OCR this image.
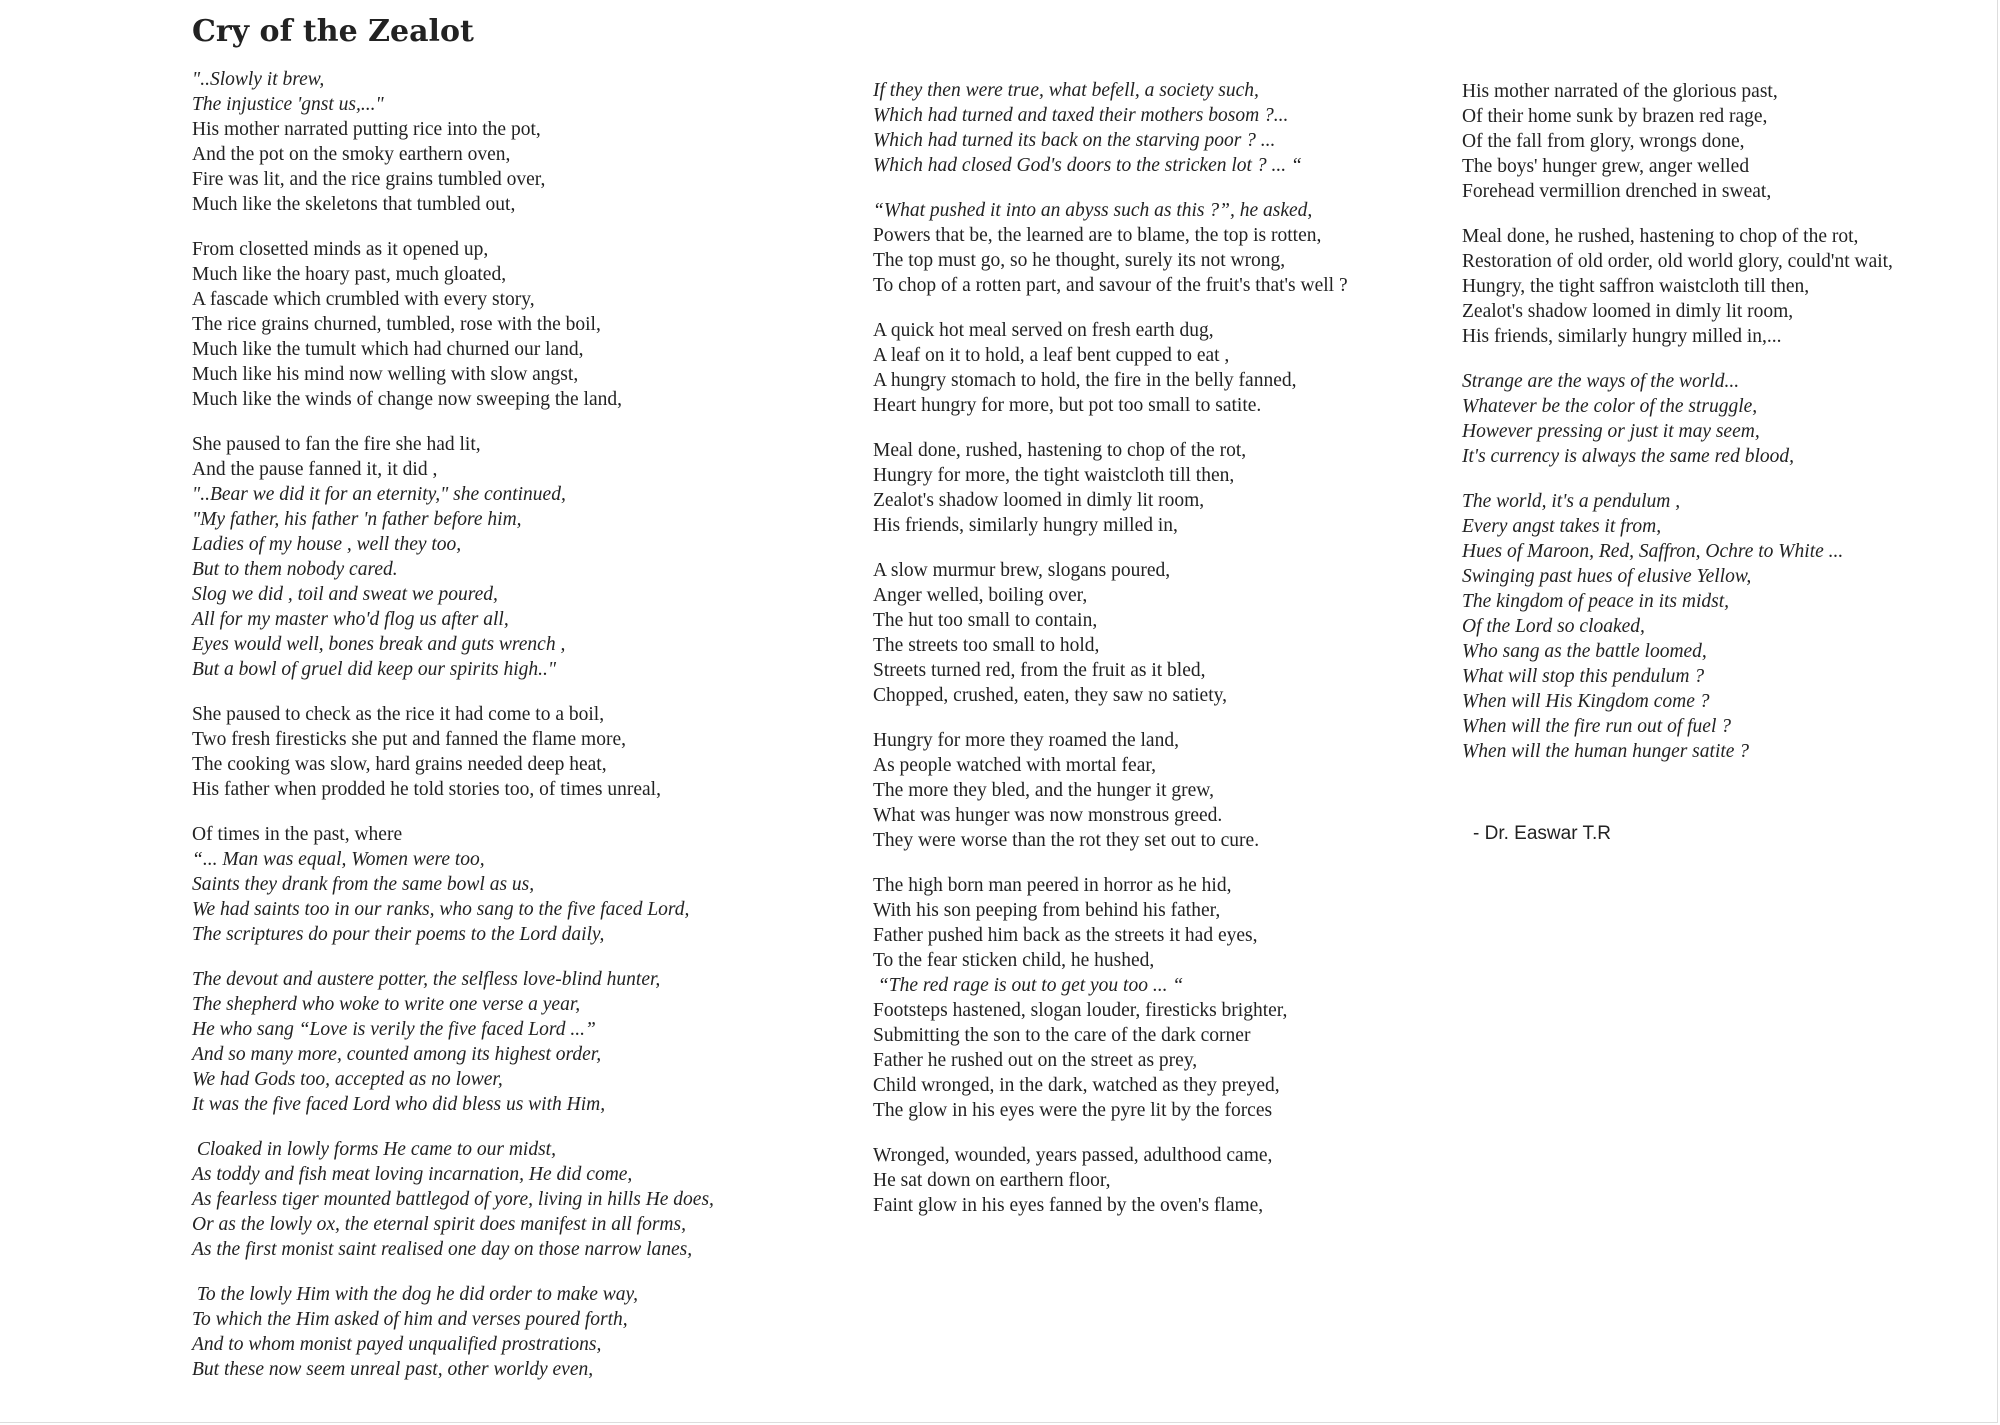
Cry of the Zealot
"..Slowly it brew,
The injustice 'gnst us,..."
His mother narrated putting rice into the pot,
And the pot on the smoky earthern oven,
Fire was lit, and the rice grains tumbled over,
Much like the skeletons that tumbled out,
From closetted minds as it opened up,
Much like the hoary past, much gloated,
A fascade which crumbled with every story,
The rice grains churned, tumbled, rose with the boil,
Much like the tumult which had churned our land,
Much like his mind now welling with slow angst,
Much like the winds of change now sweeping the land,
She paused to fan the fire she had lit,
And the pause fanned it, it did ,
"..Bear we did it for an eternity," she continued,
"My father, his father 'n father before him,
Ladies of my house , well they too,
But to them nobody cared.
Slog we did , toil and sweat we poured,
All for my master who'd flog us after all,
Eyes would well, bones break and guts wrench ,
But a bowl of gruel did keep our spirits high.."
She paused to check as the rice it had come to a boil,
Two fresh firesticks she put and fanned the flame more,
The cooking was slow, hard grains needed deep heat,
His father when prodded he told stories too, of times unreal,
Of times in the past, where
“... Man was equal, Women were too,
Saints they drank from the same bowl as us,
We had saints too in our ranks, who sang to the five faced Lord,
The scriptures do pour their poems to the Lord daily,
The devout and austere potter, the selfless love-blind hunter,
The shepherd who woke to write one verse a year,
He who sang “Love is verily the five faced Lord ...”
And so many more, counted among its highest order,
We had Gods too, accepted as no lower,
It was the five faced Lord who did bless us with Him,
Cloaked in lowly forms He came to our midst,
As toddy and fish meat loving incarnation, He did come,
As fearless tiger mounted battlegod of yore, living in hills He does,
Or as the lowly ox, the eternal spirit does manifest in all forms,
As the first monist saint realised one day on those narrow lanes,
To the lowly Him with the dog he did order to make way,
To which the Him asked of him and verses poured forth,
And to whom monist payed unqualified prostrations,
But these now seem unreal past, other worldy even,
If they then were true, what befell, a society such,
Which had turned and taxed their mothers bosom ?...
Which had turned its back on the starving poor ? ...
Which had closed God's doors to the stricken lot ? ... “
“What pushed it into an abyss such as this ?”, he asked,
Powers that be, the learned are to blame, the top is rotten,
The top must go, so he thought, surely its not wrong,
To chop of a rotten part, and savour of the fruit's that's well ?
A quick hot meal served on fresh earth dug,
A leaf on it to hold, a leaf bent cupped to eat ,
A hungry stomach to hold, the fire in the belly fanned,
Heart hungry for more, but pot too small to satite.
Meal done, rushed, hastening to chop of the rot,
Hungry for more, the tight waistcloth till then,
Zealot's shadow loomed in dimly lit room,
His friends, similarly hungry milled in,
A slow murmur brew, slogans poured,
Anger welled, boiling over,
The hut too small to contain,
The streets too small to hold,
Streets turned red, from the fruit as it bled,
Chopped, crushed, eaten, they saw no satiety,
Hungry for more they roamed the land,
As people watched with mortal fear,
The more they bled, and the hunger it grew,
What was hunger was now monstrous greed.
They were worse than the rot they set out to cure.
The high born man peered in horror as he hid,
With his son peeping from behind his father,
Father pushed him back as the streets it had eyes,
To the fear sticken child, he hushed,
“The red rage is out to get you too ... “
Footsteps hastened, slogan louder, firesticks brighter,
Submitting the son to the care of the dark corner
Father he rushed out on the street as prey,
Child wronged, in the dark, watched as they preyed,
The glow in his eyes were the pyre lit by the forces
Wronged, wounded, years passed, adulthood came,
He sat down on earthern floor,
Faint glow in his eyes fanned by the oven's flame,
His mother narrated of the glorious past,
Of their home sunk by brazen red rage,
Of the fall from glory, wrongs done,
The boys' hunger grew, anger welled
Forehead vermillion drenched in sweat,
Meal done, he rushed, hastening to chop of the rot,
Restoration of old order, old world glory, could'nt wait,
Hungry, the tight saffron waistcloth till then,
Zealot's shadow loomed in dimly lit room,
His friends, similarly hungry milled in,...
Strange are the ways of the world...
Whatever be the color of the struggle,
However pressing or just it may seem,
It's currency is always the same red blood,
The world, it's a pendulum ,
Every angst takes it from,
Hues of Maroon, Red, Saffron, Ochre to White ...
Swinging past hues of elusive Yellow,
The kingdom of peace in its midst,
Of the Lord so cloaked,
Who sang as the battle loomed,
What will stop this pendulum ?
When will His Kingdom come ?
When will the fire run out of fuel ?
When will the human hunger satite ?
- Dr. Easwar T.R
